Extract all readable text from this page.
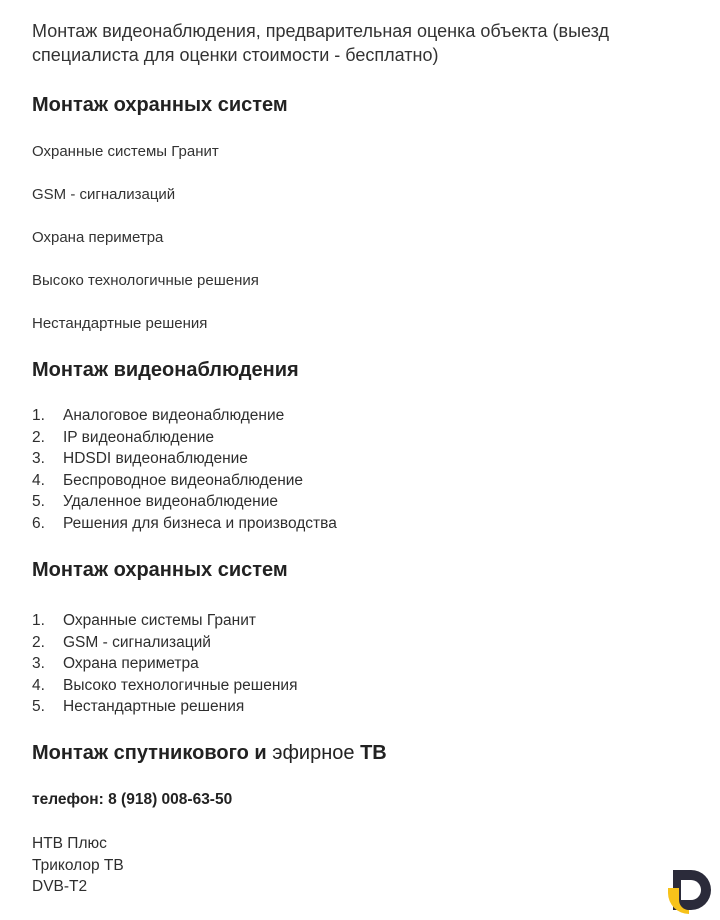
Монтаж видеонаблюдения, предварительная оценка объекта (выезд специалиста для оценки стоимости - бесплатно)
Монтаж охранных систем
Охранные системы Гранит
GSM - сигнализаций
Охрана периметра
Высоко технологичные решения
Нестандартные решения
Монтаж видеонаблюдения
1. Аналоговое видеонаблюдение
2. IP видеонаблюдение
3. HDSDI видеонаблюдение
4. Беспроводное видеонаблюдение
5. Удаленное видеонаблюдение
6. Решения для бизнеса и производства
Монтаж охранных систем
1. Охранные системы Гранит
2. GSM - сигнализаций
3. Охрана периметра
4. Высоко технологичные решения
5. Нестандартные решения
Монтаж спутникового и эфирное ТВ
телефон: 8 (918) 008-63-50
НТВ Плюс
Триколор ТВ
DVB-T2
